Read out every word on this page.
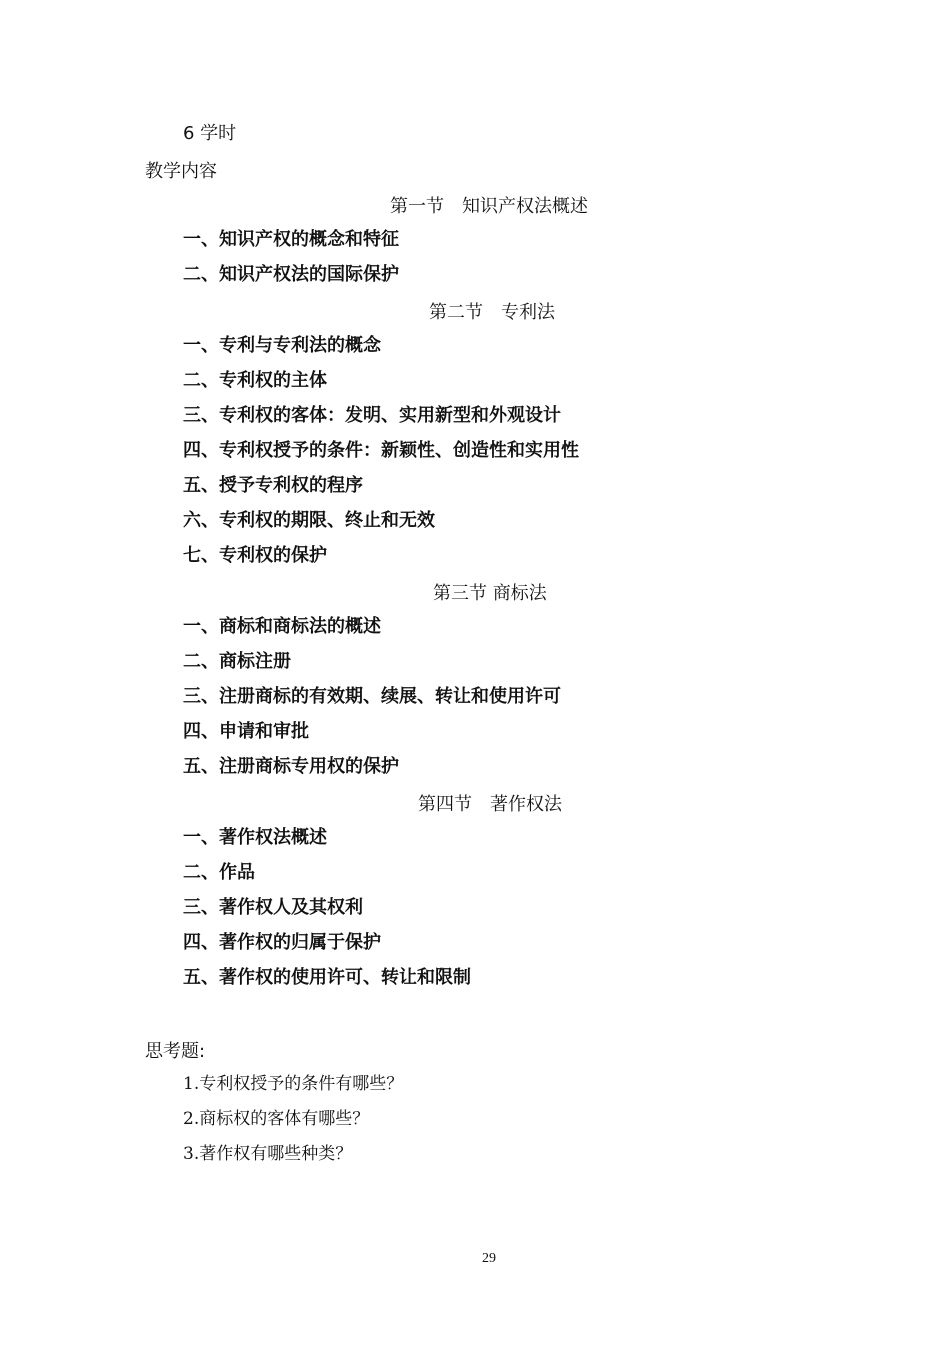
6 学时
教学内容
第一节　知识产权法概述
一、知识产权的概念和特征
二、知识产权法的国际保护
第二节　专利法
一、专利与专利法的概念
二、专利权的主体
三、专利权的客体：发明、实用新型和外观设计
四、专利权授予的条件：新颖性、创造性和实用性
五、授予专利权的程序
六、专利权的期限、终止和无效
七、专利权的保护
第三节 商标法
一、商标和商标法的概述
二、商标注册
三、注册商标的有效期、续展、转让和使用许可
四、申请和审批
五、注册商标专用权的保护
第四节　著作权法
一、著作权法概述
二、作品
三、著作权人及其权利
四、著作权的归属于保护
五、著作权的使用许可、转让和限制
思考题:
1.专利权授予的条件有哪些？
2.商标权的客体有哪些？
3.著作权有哪些种类？
29
